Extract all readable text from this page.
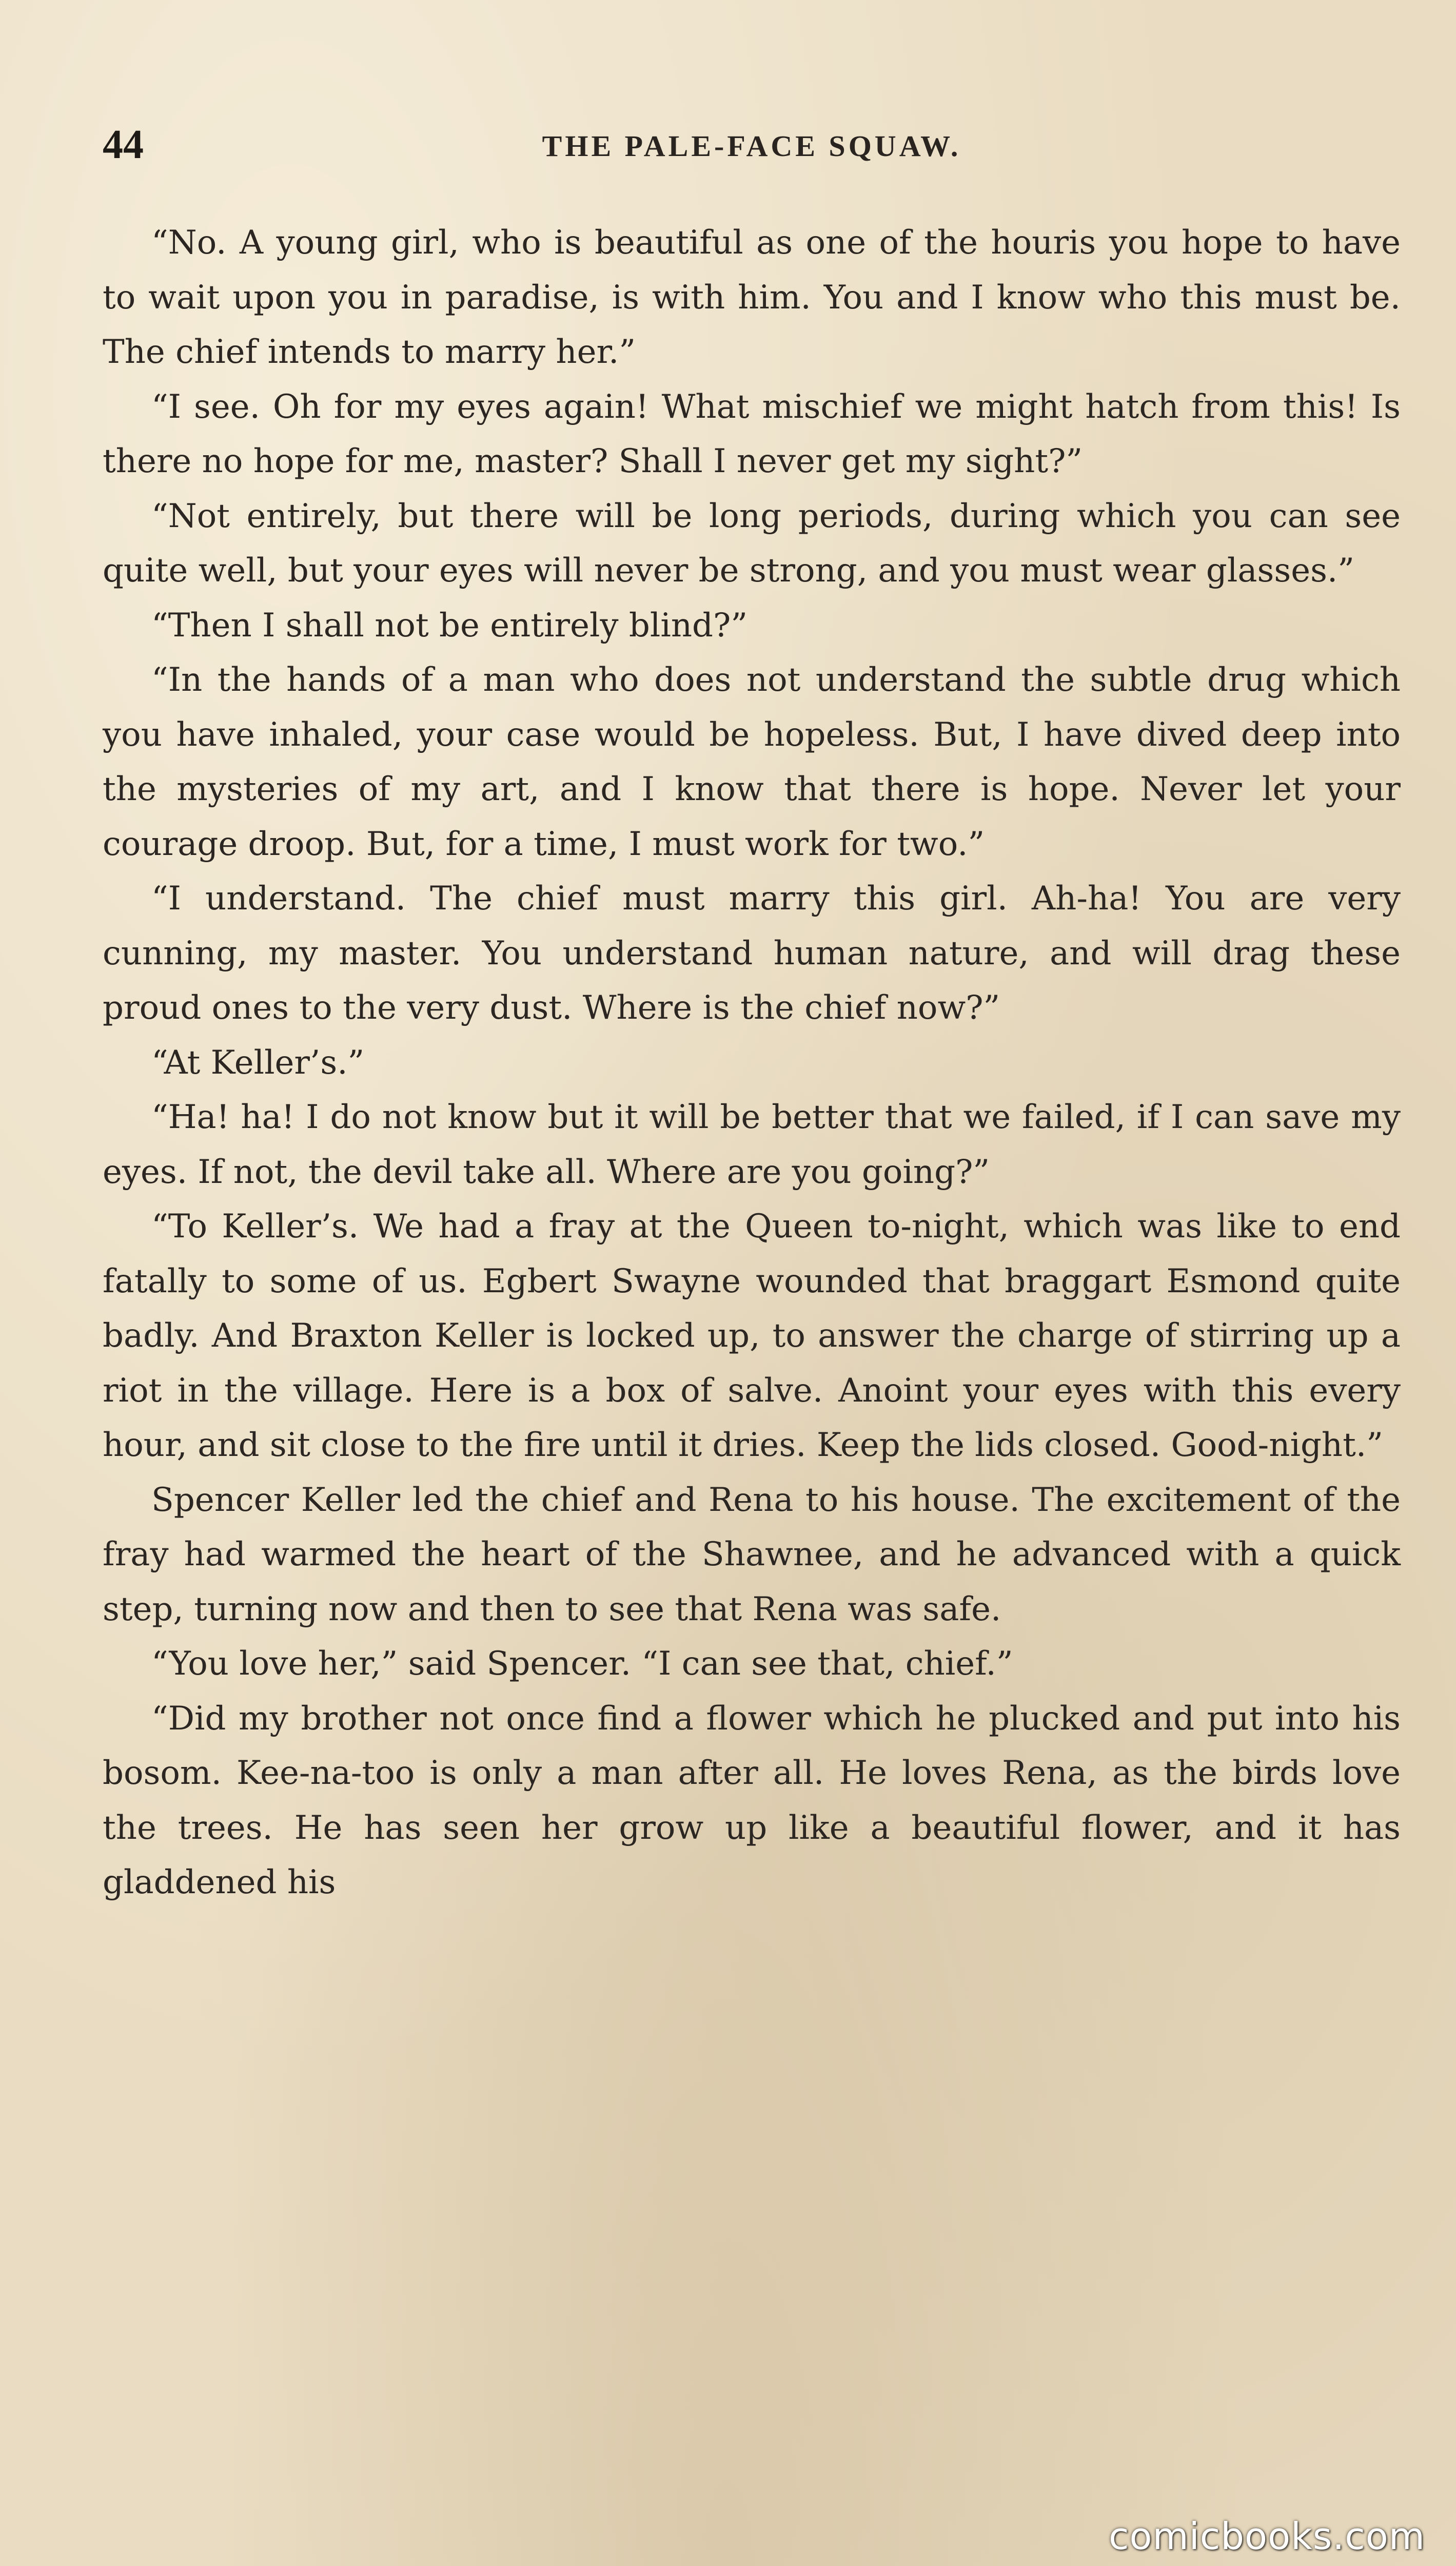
44	THE PALE-FACE SQUAW.

“No. A young girl, who is beautiful as one of the houris you hope to have to wait upon you in paradise, is with him. You and I know who this must be. The chief intends to marry her.”

“I see. Oh for my eyes again! What mischief we might hatch from this! Is there no hope for me, master? Shall I never get my sight?”

“Not entirely, but there will be long periods, during which you can see quite well, but your eyes will never be strong, and you must wear glasses.”

“Then I shall not be entirely blind?”

“In the hands of a man who does not understand the subtle drug which you have inhaled, your case would be hopeless. But, I have dived deep into the mysteries of my art, and I know that there is hope. Never let your courage droop. But, for a time, I must work for two.”

“I understand. The chief must marry this girl. Ah-ha! You are very cunning, my master. You understand human nature, and will drag these proud ones to the very dust. Where is the chief now?”

“At Keller’s.”

“Ha! ha! I do not know but it will be better that we failed, if I can save my eyes. If not, the devil take all. Where are you going?”

“To Keller’s. We had a fray at the Queen to-night, which was like to end fatally to some of us. Egbert Swayne wounded that braggart Esmond quite badly. And Braxton Keller is locked up, to answer the charge of stirring up a riot in the village. Here is a box of salve. Anoint your eyes with this every hour, and sit close to the fire until it dries. Keep the lids closed. Good-night.”

Spencer Keller led the chief and Rena to his house. The excitement of the fray had warmed the heart of the Shawnee, and he advanced with a quick step, turning now and then to see that Rena was safe.

“You love her,” said Spencer. “I can see that, chief.”

“Did my brother not once find a flower which he plucked and put into his bosom. Kee-na-too is only a man after all. He loves Rena, as the birds love the trees. He has seen her grow up like a beautiful flower, and it has gladdened his

comicbooks.com
